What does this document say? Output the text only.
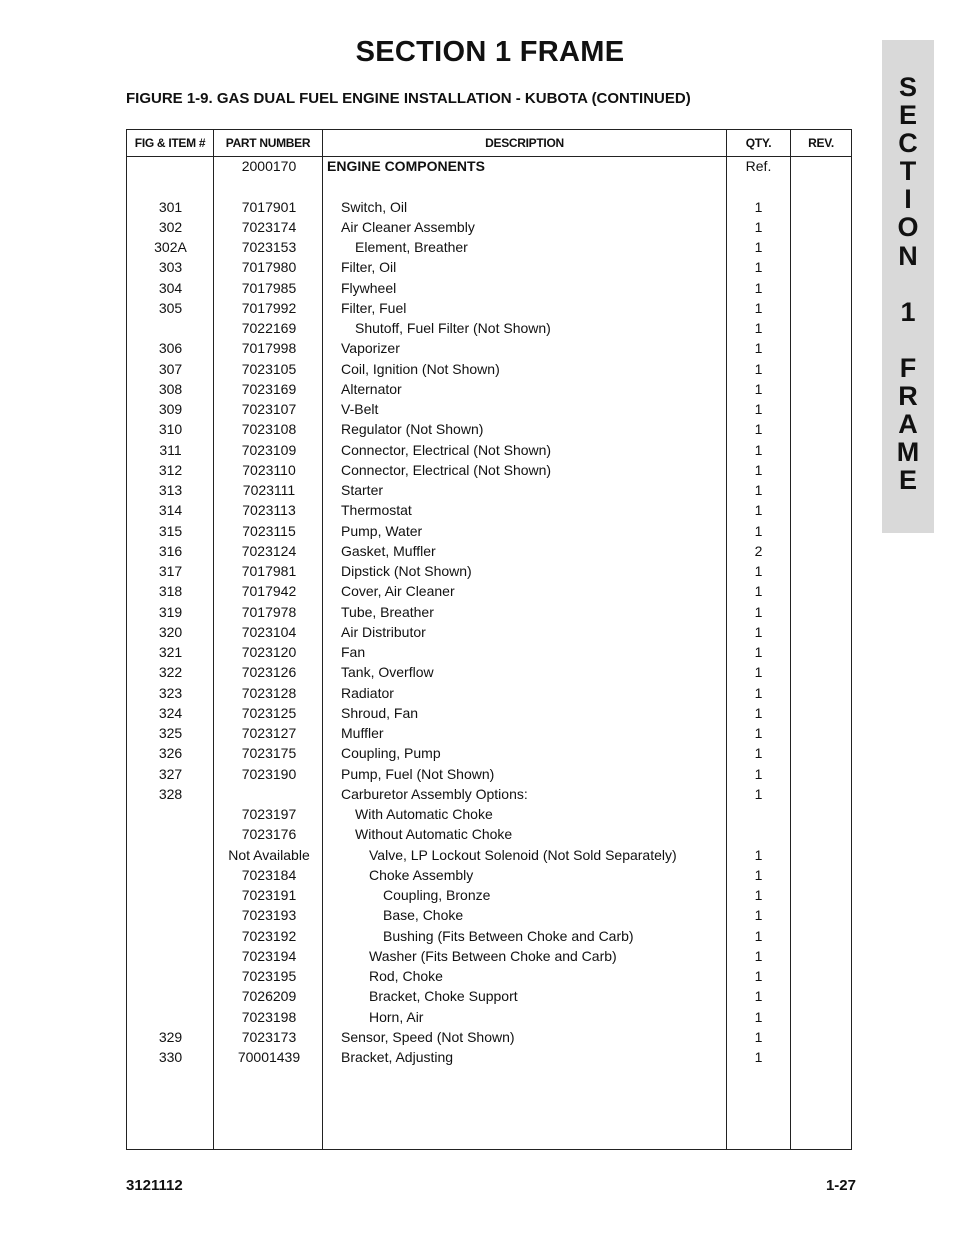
SECTION 1 FRAME
FIGURE 1-9. GAS DUAL FUEL ENGINE INSTALLATION - KUBOTA (CONTINUED)	S
E
C
T
I
O
N
1
F
R
A
M
E
FIG & ITEM #	PART NUMBER	DESCRIPTION	QTY.	REV.
2000170	ENGINE COMPONENTS	Ref.
301	7017901	Switch, Oil	1
302	7023174	Air Cleaner Assembly	1
302A	7023153	Element, Breather	1
303	7017980	Filter, Oil	1
304	7017985	Flywheel	1
305	7017992	Filter, Fuel	1
7022169	Shutoff, Fuel Filter (Not Shown)	1
306	7017998	Vaporizer	1
307	7023105	Coil, Ignition (Not Shown)	1
308	7023169	Alternator	1
309	7023107	V-Belt	1
310	7023108	Regulator (Not Shown)	1
311	7023109	Connector, Electrical (Not Shown)	1
312	7023110	Connector, Electrical (Not Shown)	1
313	7023111	Starter	1
314	7023113	Thermostat	1
315	7023115	Pump, Water	1
316	7023124	Gasket, Muffler	2
317	7017981	Dipstick (Not Shown)	1
318	7017942	Cover, Air Cleaner	1
319	7017978	Tube, Breather	1
320	7023104	Air Distributor	1
321	7023120	Fan	1
322	7023126	Tank, Overflow	1
323	7023128	Radiator	1
324	7023125	Shroud, Fan	1
325	7023127	Muffler	1
326	7023175	Coupling, Pump	1
327	7023190	Pump, Fuel (Not Shown)	1
328	Carburetor Assembly Options:	1
7023197	With Automatic Choke
7023176	Without Automatic Choke
Not Available	Valve, LP Lockout Solenoid (Not Sold Separately)	1
7023184	Choke Assembly	1
7023191	Coupling, Bronze	1
7023193	Base, Choke	1
7023192	Bushing (Fits Between Choke and Carb)	1
7023194	Washer (Fits Between Choke and Carb)	1
7023195	Rod, Choke	1
7026209	Bracket, Choke Support	1
7023198	Horn, Air	1
329	7023173	Sensor, Speed (Not Shown)	1
330	70001439	Bracket, Adjusting	1
3121112	1-27
